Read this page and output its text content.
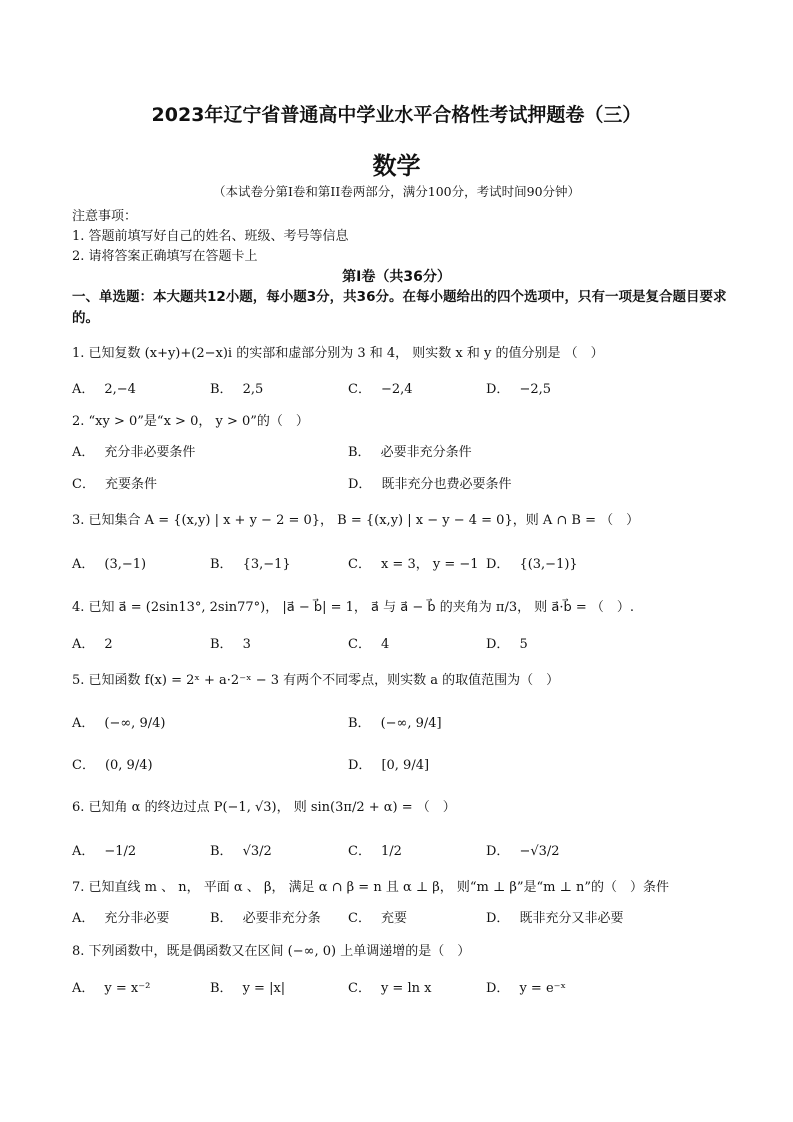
2023年辽宁省普通高中学业水平合格性考试押题卷（三）
数学
（本试卷分第Ⅰ卷和第II卷两部分，满分100分，考试时间90分钟）
注意事项：
1. 答题前填写好自己的姓名、班级、考号等信息
2. 请将答案正确填写在答题卡上
第Ⅰ卷（共36分）
一、单选题：本大题共12小题，每小题3分，共36分。在每小题给出的四个选项中，只有一项是复合题目要求的。
1. 已知复数 (x+y)+(2−x)i 的实部和虚部分别为 3 和 4， 则实数 x 和 y 的值分别是 （　）
A． 2,−4	B． 2,5	C． −2,4	D． −2,5
2. “xy > 0”是“x > 0， y > 0”的（　）
A． 充分非必要条件	B． 必要非充分条件
C． 充要条件	D． 既非充分也费必要条件
3. 已知集合 A = {(x,y) | x + y − 2 = 0}， B = {(x,y) | x − y − 4 = 0}，则 A ∩ B = （　）
A． (3,−1)	B． {3,−1}	C． x = 3， y = −1 D． {(3,−1)}
4. 已知 a⃗ = (2sin13°, 2sin77°)， |a⃗ − b⃗| = 1， a⃗ 与 a⃗ − b⃗ 的夹角为 π/3， 则 a⃗·b⃗ = （　）.
A． 2	B． 3	C． 4	D． 5
5. 已知函数 f(x) = 2ˣ + a·2⁻ˣ − 3 有两个不同零点，则实数 a 的取值范围为（　）
A． (−∞, 9/4)	B． (−∞, 9/4]
C． (0, 9/4)	D． [0, 9/4]
6. 已知角 α 的终边过点 P(−1, √3)， 则 sin(3π/2 + α) = （　）
A． −1/2	B． √3/2	C． 1/2	D． −√3/2
7. 已知直线 m 、 n， 平面 α 、 β， 满足 α ∩ β = n 且 α ⊥ β， 则“m ⊥ β”是“m ⊥ n”的（　）条件
A． 充分非必要	B． 必要非充分条 C． 充要	D． 既非充分又非必要
8. 下列函数中，既是偶函数又在区间 (−∞, 0) 上单调递增的是（　）
A． y = x⁻²	B． y = |x|	C． y = ln x	D． y = e⁻ˣ
